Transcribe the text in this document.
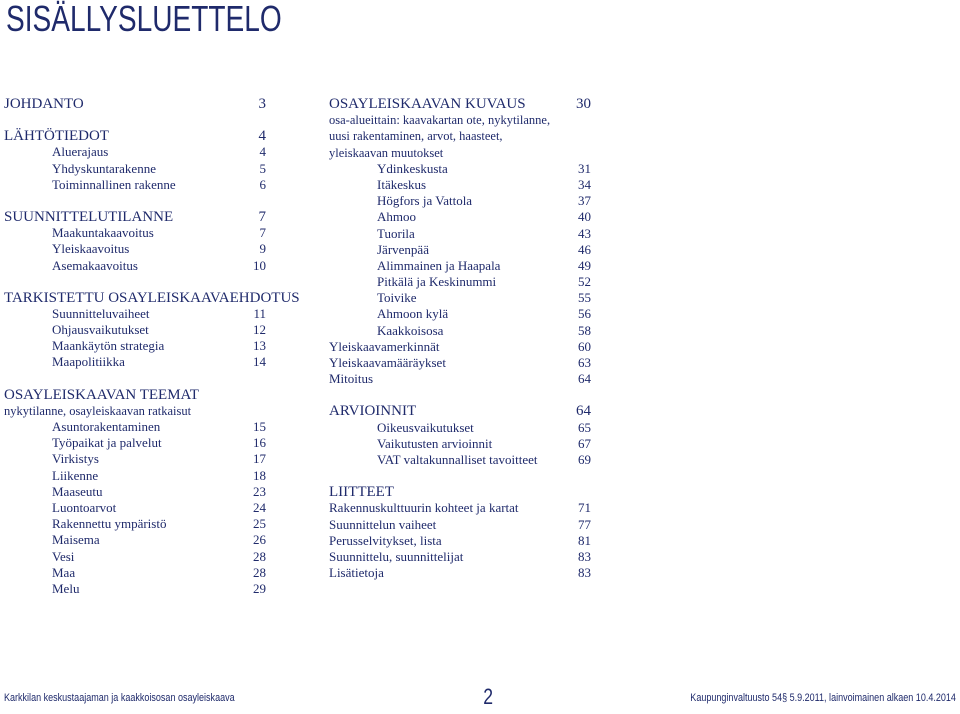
SISÄLLYSLUETTELO
JOHDANTO	3
LÄHTÖTIEDOT	4
Aluerajaus	4
Yhdyskuntarakenne	5
Toiminnallinen rakenne	6
SUUNNITTELUTILANNE	7
Maakuntakaavoitus	7
Yleiskaavoitus	9
Asemakaavoitus	10
TARKISTETTU OSAYLEISKAAVAEHDOTUS
Suunnitteluvaiheet	11
Ohjausvaikutukset	12
Maankäytön strategia	13
Maapolitiikka	14
OSAYLEISKAAVAN TEEMAT
nykytilanne, osayleiskaavan ratkaisut
Asuntorakentaminen	15
Työpaikat ja palvelut	16
Virkistys	17
Liikenne	18
Maaseutu	23
Luontoarvot	24
Rakennettu ympäristö	25
Maisema	26
Vesi	28
Maa	28
Melu	29
OSAYLEISKAAVAN KUVAUS	30
osa-alueittain: kaavakartan ote, nykytilanne,
uusi rakentaminen, arvot, haasteet,
yleiskaavan muutokset
Ydinkeskusta	31
Itäkeskus	34
Högfors ja Vattola	37
Ahmoo	40
Tuorila	43
Järvenpää	46
Alimmainen ja Haapala	49
Pitkälä ja Keskinummi	52
Toivike	55
Ahmoon kylä	56
Kaakkoisosa	58
Yleiskaavamerkinnät	60
Yleiskaavamääräykset	63
Mitoitus	64
ARVIOINNIT	64
Oikeusvaikutukset	65
Vaikutusten arvioinnit	67
VAT valtakunnalliset tavoitteet	69
LIITTEET
Rakennuskulttuurin kohteet ja kartat	71
Suunnittelun vaiheet	77
Perusselvitykset, lista	81
Suunnittelu, suunnittelijat	83
Lisätietoja	83
Karkkilan keskustaajaman ja kaakkoisosan osayleiskaava	2	Kaupunginvaltuusto 54§ 5.9.2011, lainvoimainen alkaen 10.4.2014
